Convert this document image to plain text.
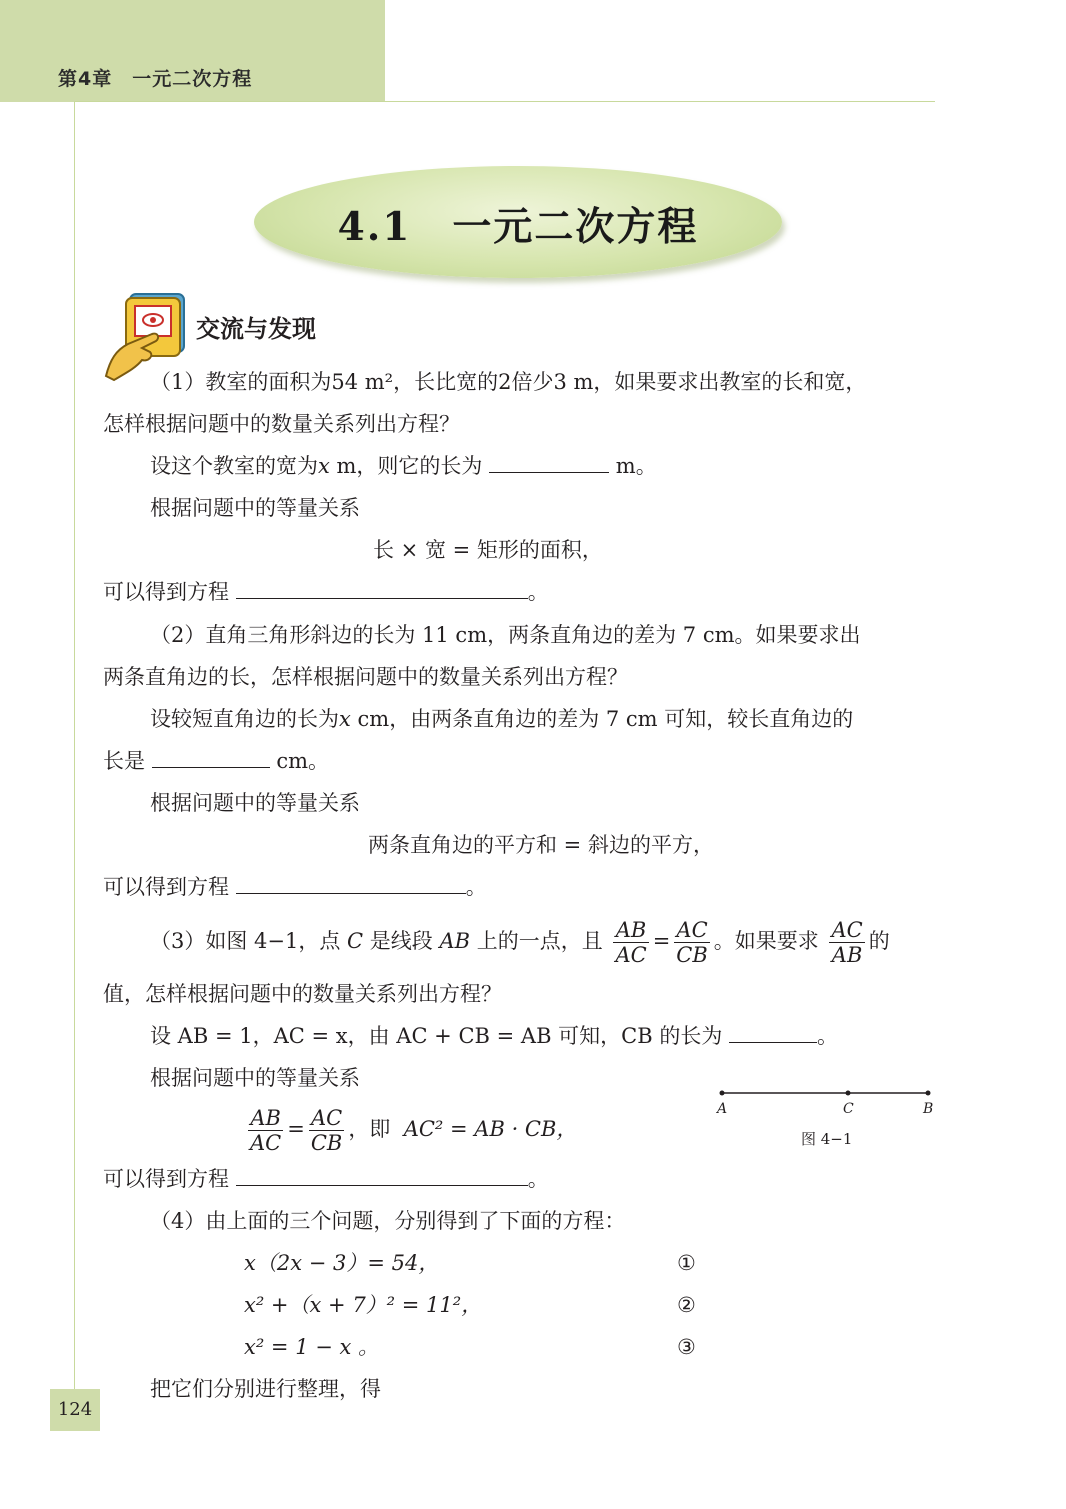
第4章　一元二次方程
124
4.1　一元二次方程
交流与发现
（1）教室的面积为54 m²，长比宽的2倍少3 m，如果要求出教室的长和宽，
怎样根据问题中的数量关系列出方程？
设这个教室的宽为x m，则它的长为	m。
根据问题中的等量关系
长 × 宽 = 矩形的面积，
可以得到方程	。
（2）直角三角形斜边的长为 11 cm，两条直角边的差为 7 cm。如果要求出
两条直角边的长，怎样根据问题中的数量关系列出方程？
设较短直角边的长为x cm，由两条直角边的差为 7 cm 可知，较长直角边的
长是	cm。
根据问题中的等量关系
两条直角边的平方和 = 斜边的平方，
可以得到方程	。
（3）如图 4−1，点 C 是线段 AB 上的一点，且 $\frac{AB}{AC} = \frac{AC}{CB}$ 。如果要求 $\frac{AC}{AB}$ 的
值，怎样根据问题中的数量关系列出方程？
设 AB = 1，AC = x，由 AC + CB = AB 可知，CB 的长为	。
根据问题中的等量关系
$\frac{AB}{AC} = \frac{AC}{CB}$ ，即 AC² = AB · CB，
可以得到方程	。
A	C	B
图 4−1
（4）由上面的三个问题，分别得到了下面的方程：
x（2x − 3）= 54，	①
x² +（x + 7）² = 11²，	②
x² = 1 − x 。	③
把它们分别进行整理，得
